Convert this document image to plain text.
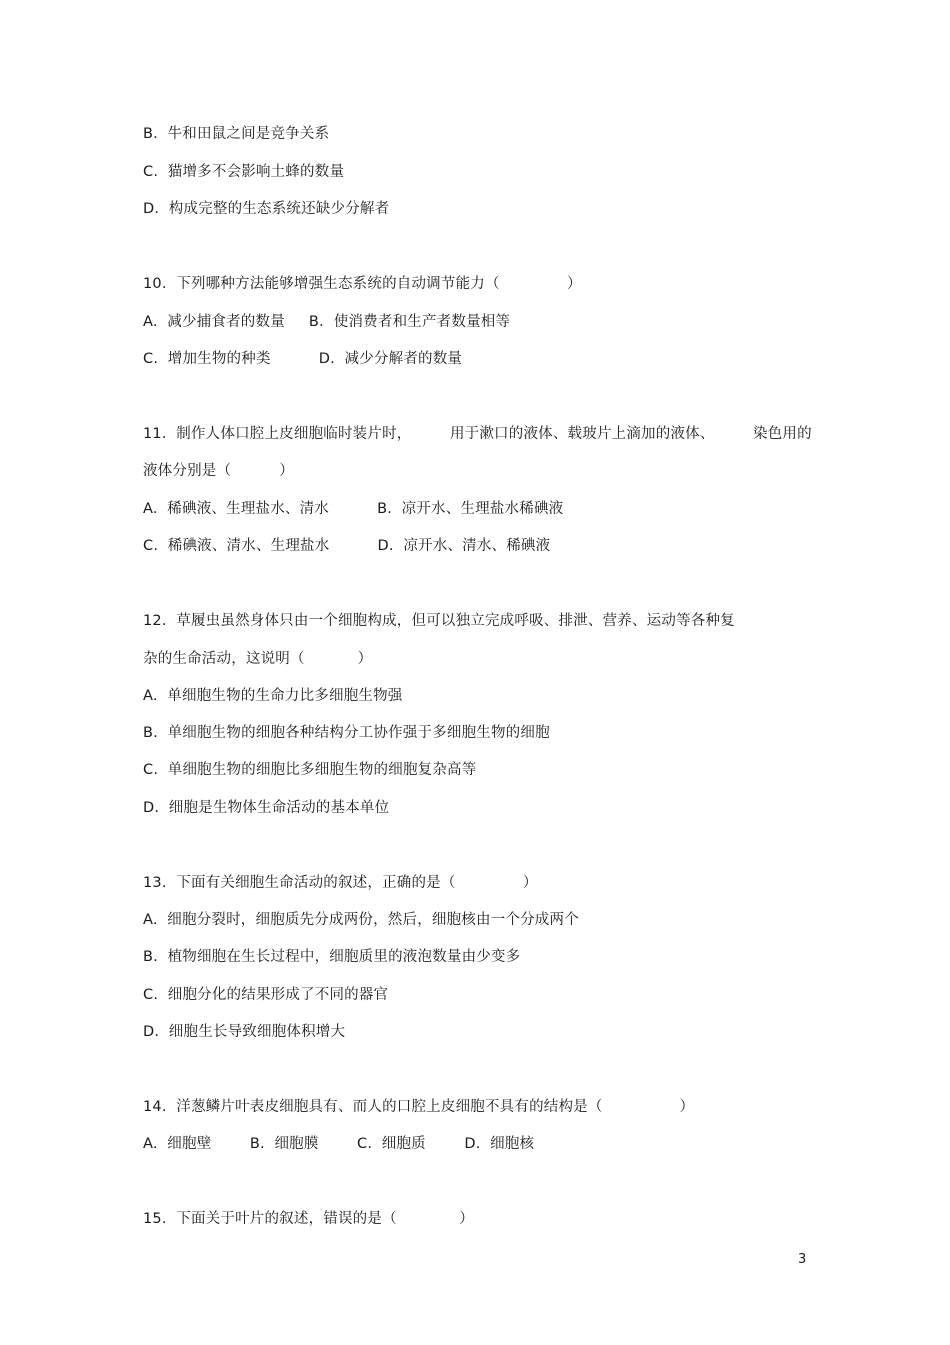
B.  牛和田鼠之间是竞争关系
C.  猫增多不会影响土蜂的数量
D.  构成完整的生态系统还缺少分解者
10.  下列哪种方法能够增强生态系统的自动调节能力（              ）
A.  减少捕食者的数量     B．使消费者和生产者数量相等
C.  增加生物的种类          D.  减少分解者的数量
11.  制作人体口腔上皮细胞临时装片时，        用于漱口的液体、载玻片上滴加的液体、        染色用的
液体分别是（          ）
A.  稀碘液、生理盐水、清水          B.  凉开水、生理盐水稀碘液
C.  稀碘液、清水、生理盐水          D.  凉开水、清水、稀碘液
12.  草履虫虽然身体只由一个细胞构成，但可以独立完成呼吸、排泄、营养、运动等各种复
杂的生命活动，这说明（           ）
A.  单细胞生物的生命力比多细胞生物强
B.  单细胞生物的细胞各种结构分工协作强于多细胞生物的细胞
C.  单细胞生物的细胞比多细胞生物的细胞复杂高等
D.  细胞是生物体生命活动的基本单位
13.  下面有关细胞生命活动的叙述，正确的是（              ）
A.  细胞分裂时，细胞质先分成两份，然后，细胞核由一个分成两个
B.  植物细胞在生长过程中，细胞质里的液泡数量由少变多
C.  细胞分化的结果形成了不同的器官
D.  细胞生长导致细胞体积增大
14.  洋葱鳞片叶表皮细胞具有、而人的口腔上皮细胞不具有的结构是（                ）
A.  细胞壁        B.  细胞膜        C.  细胞质        D.  细胞核
15.  下面关于叶片的叙述，错误的是（             ）
3
